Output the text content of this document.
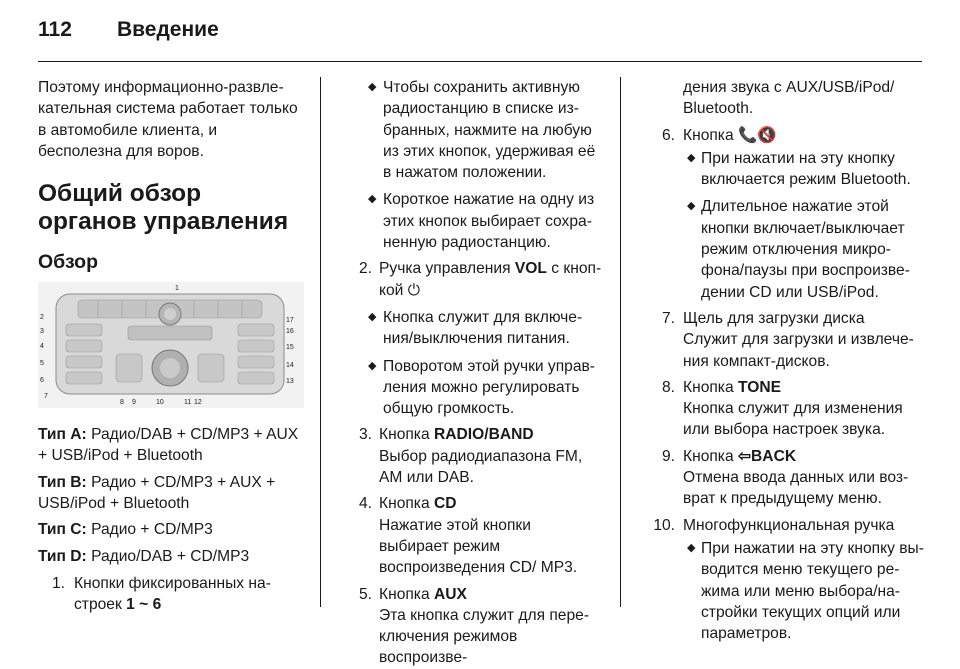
112 Введение

Поэтому информационно-развле-кательная система работает только в автомобиле клиента, и бесполезна для воров.

Общий обзор органов управления

Обзор

1
2
3
4
5
6
7
8 9	10	11 12
13
14
15
16
17

Тип A: Радио/DAB + CD/MP3 + AUX + USB/iPod + Bluetooth

Тип B: Радио + CD/MP3 + AUX + USB/iPod + Bluetooth

Тип C: Радио + CD/MP3

Тип D: Радиo/DAB + CD/MP3

1. Кнопки фиксированных на-строек 1 ~ 6
◆ Чтобы сохранить активную радиостанцию в списке из-бранных, нажмите на любую из этих кнопок, удерживая её в нажатом положении.
◆ Короткое нажатие на одну из этих кнопок выбирает сохра-ненную радиостанцию.
2. Ручка управления VOL с кноп-кой ⏻
◆ Кнопка служит для включе-ния/выключения питания.
◆ Поворотом этой ручки управ-ления можно регулировать общую громкость.
3. Кнопка RADIO/BAND
Выбор радиодиапазона FM, AM или DAB.
4. Кнопка CD
Нажатие этой кнопки выбирает режим воспроизведения CD/ MP3.
5. Кнопка AUX
Эта кнопка служит для пере-ключения режимов воспроизве-
дения звука с AUX/USB/iPod/ Bluetooth.
6. Кнопка 📞🔇
◆ При нажатии на эту кнопку включается режим Bluetooth.
◆ Длительное нажатие этой кнопки включает/выключает режим отключения микро-фона/паузы при воспроизве-дении CD или USB/iPod.
7. Щель для загрузки диска
Служит для загрузки и извлече-ния компакт-дисков.
8. Кнопка TONE
Кнопка служит для изменения или выбора настроек звука.
9. Кнопка ⇦BACK
Отмена ввода данных или воз-врат к предыдущему меню.
10. Многофункциональная ручка
◆ При нажатии на эту кнопку вы-водится меню текущего ре-жима или меню выбора/на-стройки текущих опций или параметров.
